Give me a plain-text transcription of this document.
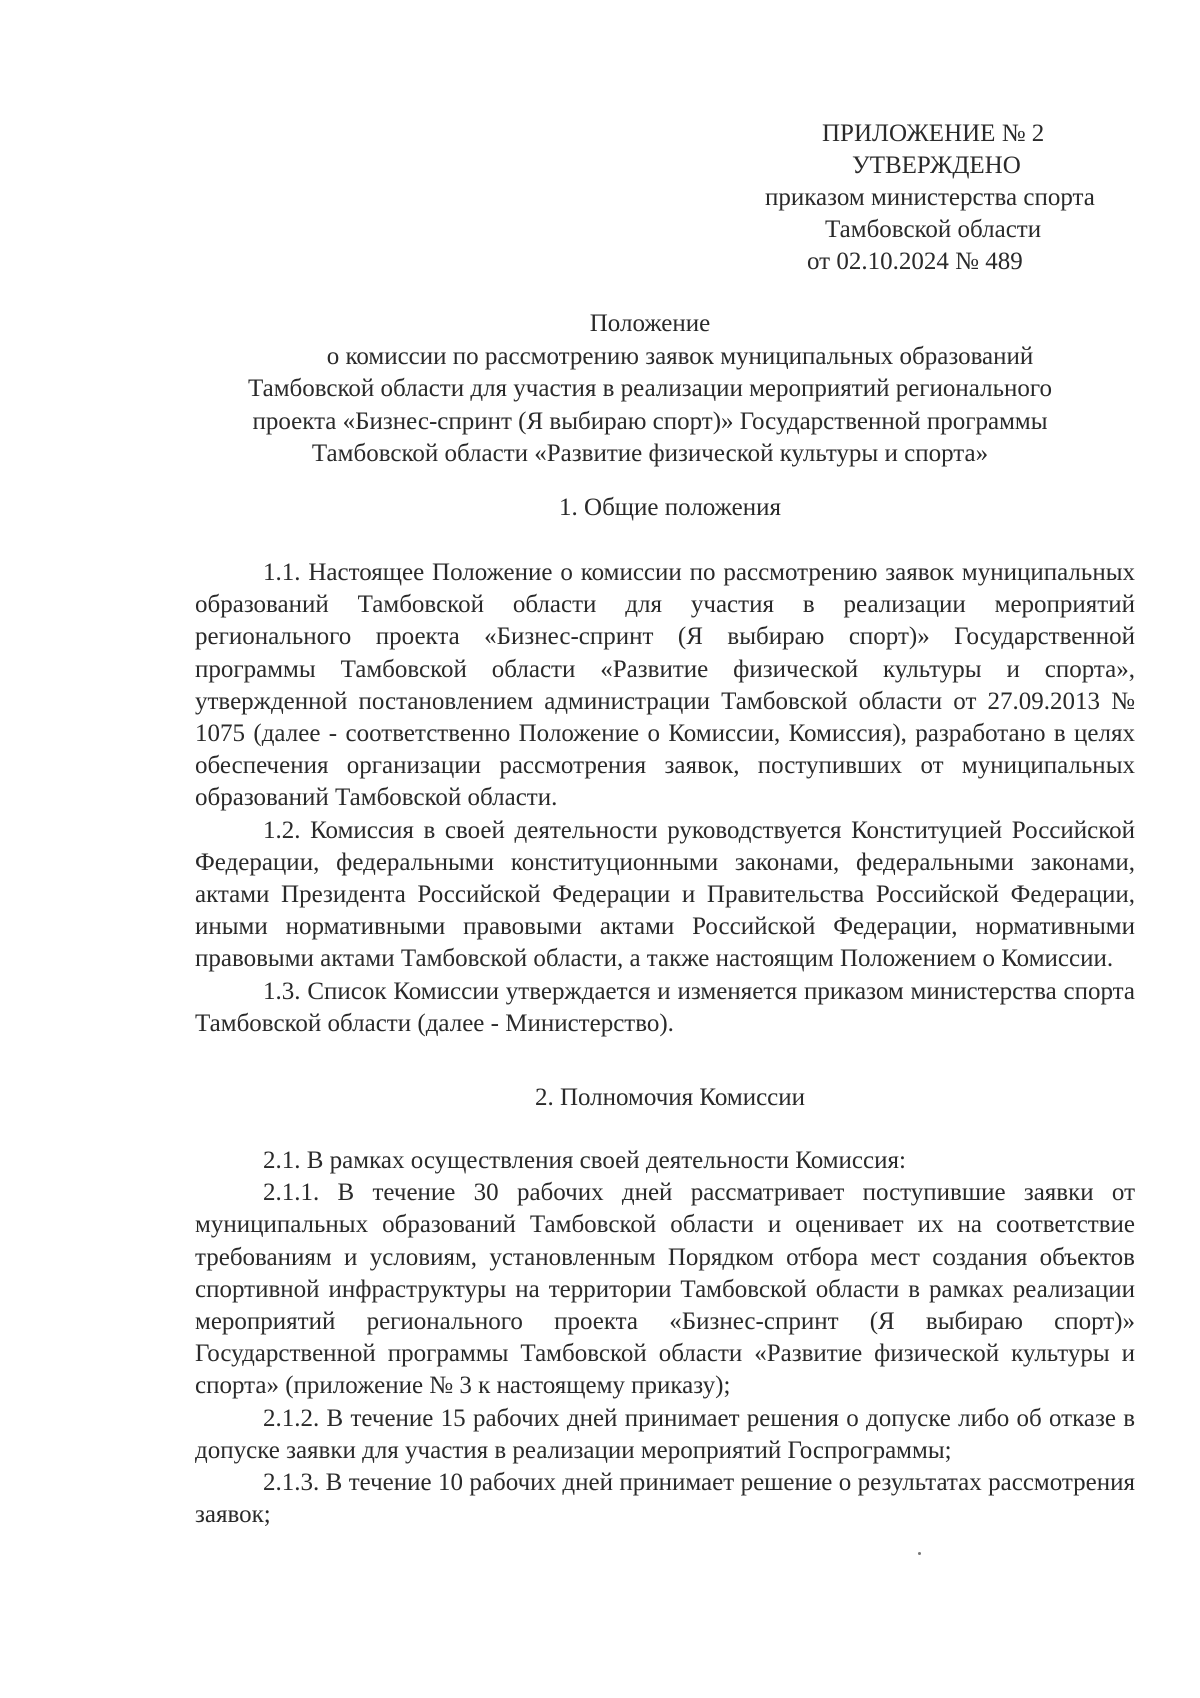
ПРИЛОЖЕНИЕ № 2
УТВЕРЖДЕНО
приказом министерства спорта
Тамбовской области
от 02.10.2024 № 489
Положение
о комиссии по рассмотрению заявок муниципальных образований
Тамбовской области для участия в реализации мероприятий регионального
проекта «Бизнес-спринт (Я выбираю спорт)» Государственной программы
Тамбовской области «Развитие физической культуры и спорта»
1. Общие положения

1.1. Настоящее Положение о комиссии по рассмотрению заявок муниципальных образований Тамбовской области для участия в реализации мероприятий регионального проекта «Бизнес-спринт (Я выбираю спорт)» Государственной программы Тамбовской области «Развитие физической культуры и спорта», утвержденной постановлением администрации Тамбовской области от 27.09.2013 № 1075 (далее - соответственно Положение о Комиссии, Комиссия), разработано в целях обеспечения организации рассмотрения заявок, поступивших от муниципальных образований Тамбовской области.

1.2. Комиссия в своей деятельности руководствуется Конституцией Российской Федерации, федеральными конституционными законами, федеральными законами, актами Президента Российской Федерации и Правительства Российской Федерации, иными нормативными правовыми актами Российской Федерации, нормативными правовыми актами Тамбовской области, а также настоящим Положением о Комиссии.

1.3. Список Комиссии утверждается и изменяется приказом министерства спорта Тамбовской области (далее - Министерство).

2. Полномочия Комиссии

2.1. В рамках осуществления своей деятельности Комиссия:

2.1.1. В течение 30 рабочих дней рассматривает поступившие заявки от муниципальных образований Тамбовской области и оценивает их на соответствие требованиям и условиям, установленным Порядком отбора мест создания объектов спортивной инфраструктуры на территории Тамбовской области в рамках реализации мероприятий регионального проекта «Бизнес-спринт (Я выбираю спорт)» Государственной программы Тамбовской области «Развитие физической культуры и спорта» (приложение № 3 к настоящему приказу);

2.1.2. В течение 15 рабочих дней принимает решения о допуске либо об отказе в допуске заявки для участия в реализации мероприятий Госпрограммы;

2.1.3. В течение 10 рабочих дней принимает решение о результатах рассмотрения заявок;
